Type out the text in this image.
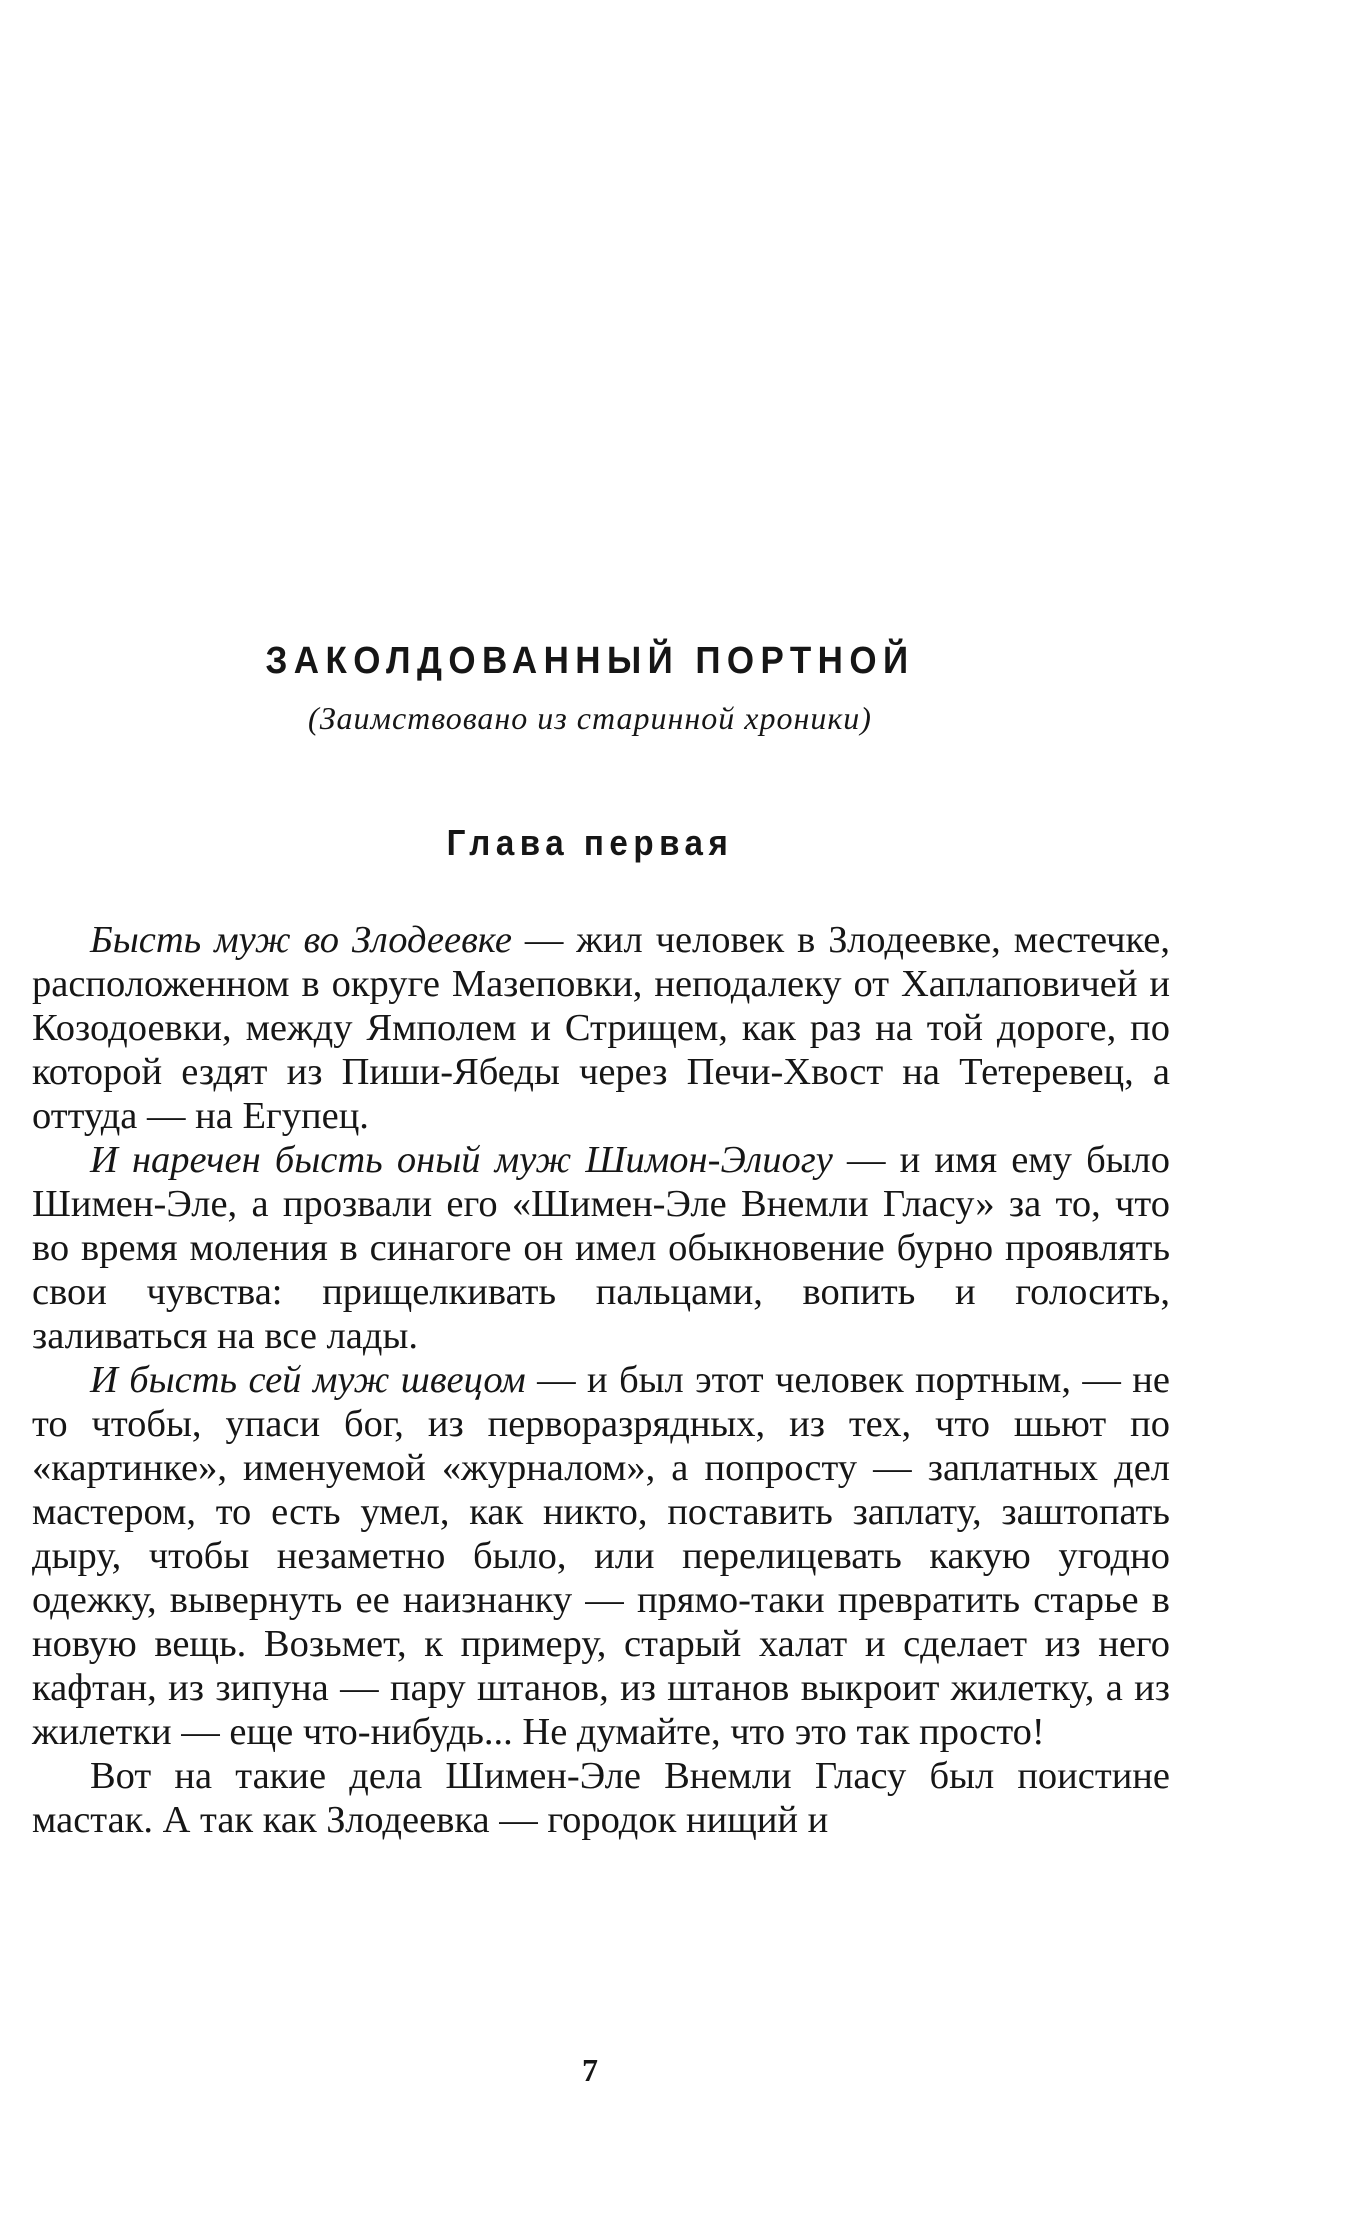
ЗАКОЛДОВАННЫЙ ПОРТНОЙ

(Заимствовано из старинной хроники)

Глава первая

Бысть муж во Злодеевке — жил человек в Злодеевке, местечке, расположенном в округе Мазеповки, неподалеку от Хаплаповичей и Козодоевки, между Ямполем и Стрищем, как раз на той дороге, по которой ездят из Пиши-Ябеды через Печи-Хвост на Тетеревец, а оттуда — на Егупец.

И наречен бысть оный муж Шимон-Элиогу — и имя ему было Шимен-Эле, а прозвали его «Шимен-Эле Внемли Гласу» за то, что во время моления в синагоге он имел обыкновение бурно проявлять свои чувства: прищелкивать пальцами, вопить и голосить, заливаться на все лады.

И бысть сей муж швецом — и был этот человек портным, — не то чтобы, упаси бог, из перворазрядных, из тех, что шьют по «картинке», именуемой «журналом», а попросту — заплатных дел мастером, то есть умел, как никто, поставить заплату, заштопать дыру, чтобы незаметно было, или перелицевать какую угодно одежку, вывернуть ее наизнанку — прямо-таки превратить старье в новую вещь. Возьмет, к примеру, старый халат и сделает из него кафтан, из зипуна — пару штанов, из штанов выкроит жилетку, а из жилетки — еще что-нибудь... Не думайте, что это так просто!

Вот на такие дела Шимен-Эле Внемли Гласу был поистине мастак. А так как Злодеевка — городок нищий и

7
